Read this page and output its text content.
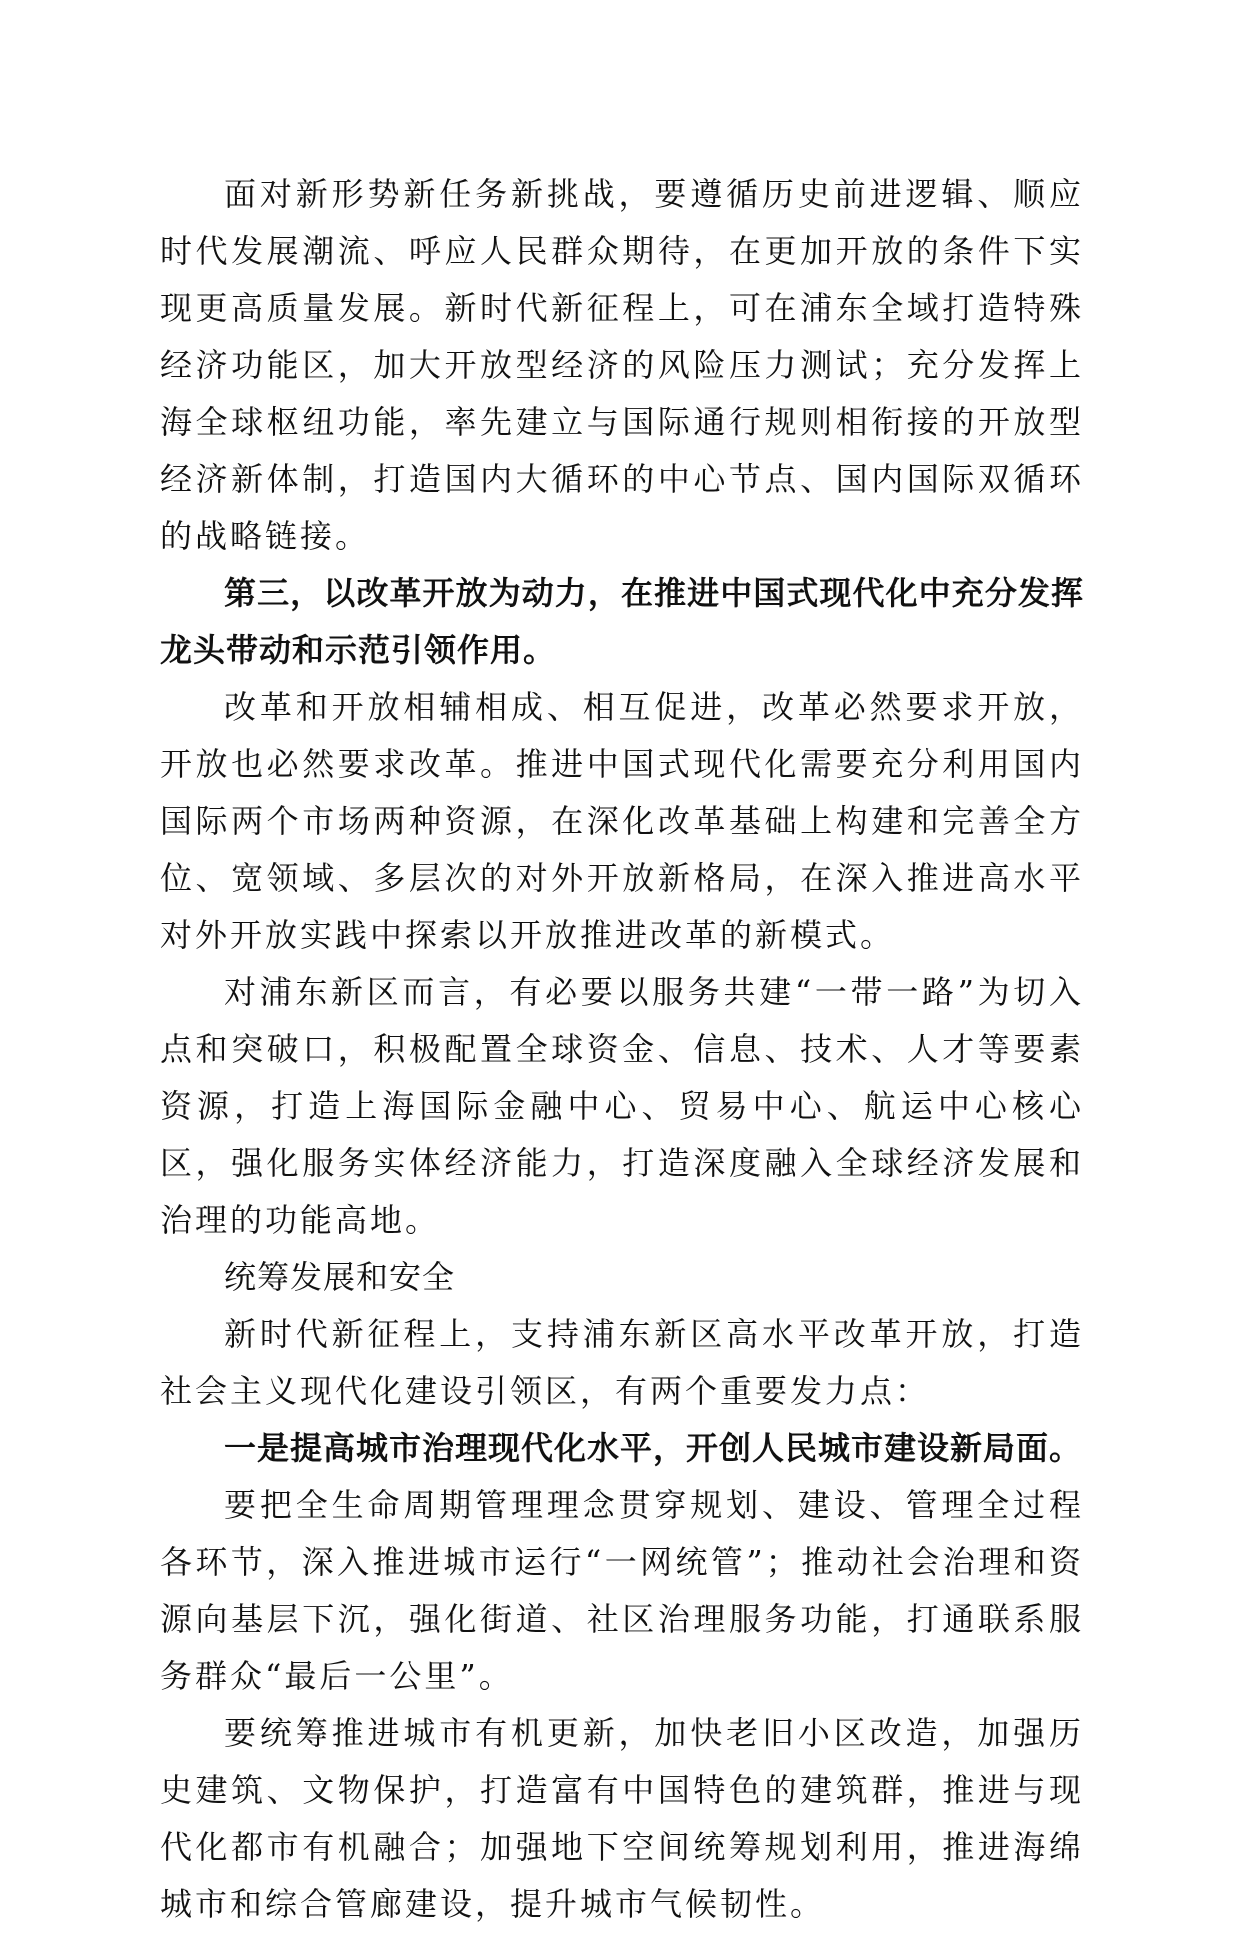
面对新形势新任务新挑战，要遵循历史前进逻辑、顺应时代发展潮流、呼应人民群众期待，在更加开放的条件下实现更高质量发展。新时代新征程上，可在浦东全域打造特殊经济功能区，加大开放型经济的风险压力测试；充分发挥上海全球枢纽功能，率先建立与国际通行规则相衔接的开放型经济新体制，打造国内大循环的中心节点、国内国际双循环的战略链接。

第三，以改革开放为动力，在推进中国式现代化中充分发挥龙头带动和示范引领作用。

改革和开放相辅相成、相互促进，改革必然要求开放，开放也必然要求改革。推进中国式现代化需要充分利用国内国际两个市场两种资源，在深化改革基础上构建和完善全方位、宽领域、多层次的对外开放新格局，在深入推进高水平对外开放实践中探索以开放推进改革的新模式。

对浦东新区而言，有必要以服务共建“一带一路”为切入点和突破口，积极配置全球资金、信息、技术、人才等要素资源，打造上海国际金融中心、贸易中心、航运中心核心区，强化服务实体经济能力，打造深度融入全球经济发展和治理的功能高地。

统筹发展和安全

新时代新征程上，支持浦东新区高水平改革开放，打造社会主义现代化建设引领区，有两个重要发力点：

一是提高城市治理现代化水平，开创人民城市建设新局面。

要把全生命周期管理理念贯穿规划、建设、管理全过程各环节，深入推进城市运行“一网统管”；推动社会治理和资源向基层下沉，强化街道、社区治理服务功能，打通联系服务群众“最后一公里”。

要统筹推进城市有机更新，加快老旧小区改造，加强历史建筑、文物保护，打造富有中国特色的建筑群，推进与现代化都市有机融合；加强地下空间统筹规划利用，推进海绵城市和综合管廊建设，提升城市气候韧性。
